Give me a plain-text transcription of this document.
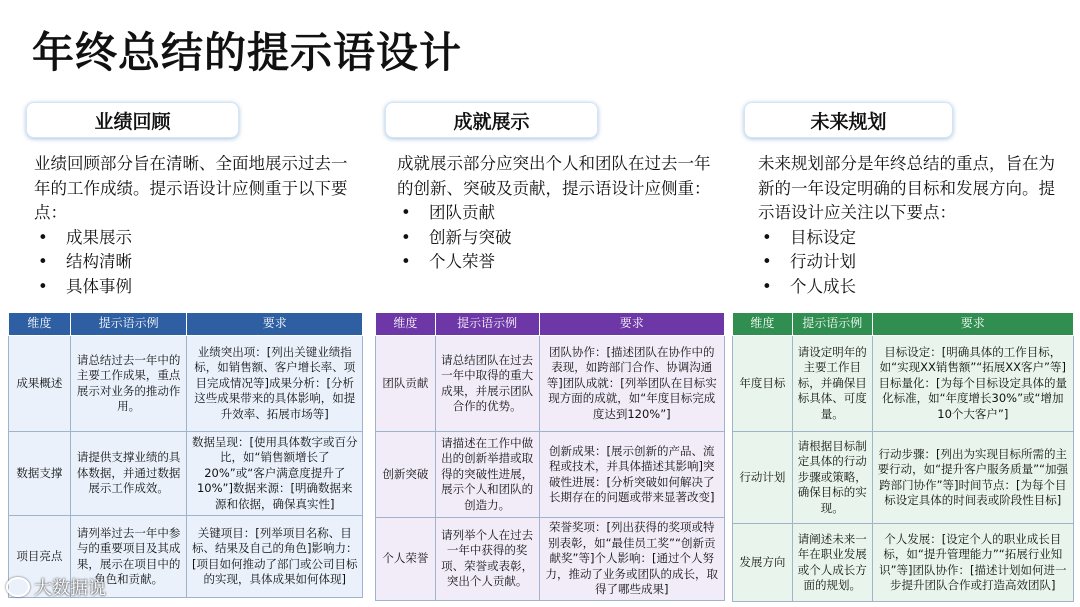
年终总结的提示语设计
业绩回顾
业绩回顾部分旨在清晰、全面地展示过去一年的工作成绩。提示语设计应侧重于以下要点：
• 成果展示
• 结构清晰
• 具体事例
维度	提示语示例	要求
成果概述	请总结过去一年中的主要工作成果，重点展示对业务的推动作用。	业绩突出项：[列出关键业绩指标，如销售额、客户增长率、项目完成情况等]成果分析：[分析这些成果带来的具体影响，如提升效率、拓展市场等]
数据支撑	请提供支撑业绩的具体数据，并通过数据展示工作成效。	数据呈现：[使用具体数字或百分比，如“销售额增长了20%”或“客户满意度提升了10%”]数据来源：[明确数据来源和依据，确保真实性]
项目亮点	请列举过去一年中参与的重要项目及其成果，展示在项目中的角色和贡献。	关键项目：[列举项目名称、目标、结果及自己的角色]影响力：[项目如何推动了部门或公司目标的实现，具体成果如何体现]
成就展示
成就展示部分应突出个人和团队在过去一年的创新、突破及贡献，提示语设计应侧重：
• 团队贡献
• 创新与突破
• 个人荣誉
维度	提示语示例	要求
团队贡献	请总结团队在过去一年中取得的重大成果，并展示团队合作的优势。	团队协作：[描述团队在协作中的表现，如跨部门合作、协调沟通等]团队成就：[列举团队在目标实现方面的成就，如“年度目标完成度达到120%”]
创新突破	请描述在工作中做出的创新举措或取得的突破性进展，展示个人和团队的创造力。	创新成果：[展示创新的产品、流程或技术，并具体描述其影响]突破性进展：[分析突破如何解决了长期存在的问题或带来显著改变]
个人荣誉	请列举个人在过去一年中获得的奖项、荣誉或表彰，突出个人贡献。	荣誉奖项：[列出获得的奖项或特别表彰，如“最佳员工奖”“创新贡献奖”等]个人影响：[通过个人努力，推动了业务或团队的成长，取得了哪些成果]
未来规划
未来规划部分是年终总结的重点，旨在为新的一年设定明确的目标和发展方向。提示语设计应关注以下要点：
• 目标设定
• 行动计划
• 个人成长
维度	提示语示例	要求
年度目标	请设定明年的主要工作目标，并确保目标具体、可度量。	目标设定：[明确具体的工作目标，如“实现XX销售额”“拓展XX客户”等]目标量化：[为每个目标设定具体的量化标准，如“年度增长30%”或“增加10个大客户”]
行动计划	请根据目标制定具体的行动步骤或策略，确保目标的实现。	行动步骤：[列出为实现目标所需的主要行动，如“提升客户服务质量”“加强跨部门协作”等]时间节点：[为每个目标设定具体的时间表或阶段性目标]
发展方向	请阐述未来一年在职业发展或个人成长方面的规划。	个人发展：[设定个人的职业成长目标，如“提升管理能力”“拓展行业知识”等]团队协作：[描述计划如何进一步提升团队合作或打造高效团队]
大数据说
